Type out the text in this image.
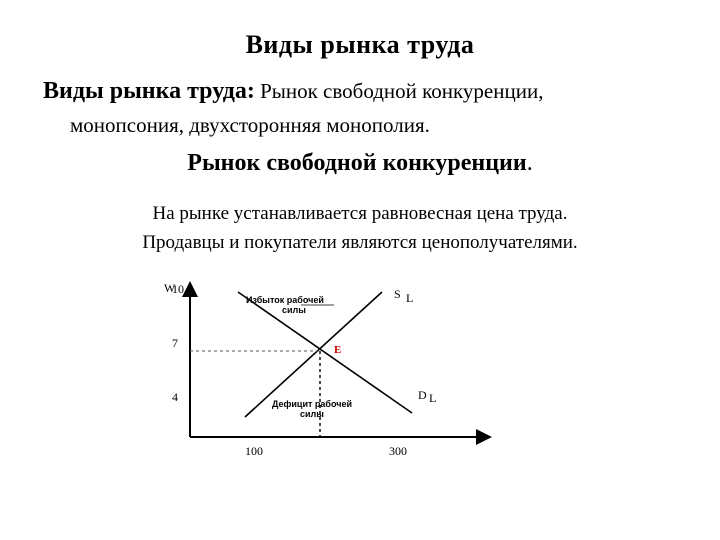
Виды рынка труда
Виды рынка труда: Рынок свободной конкуренции,
монопсония, двухсторонняя монополия.
Рынок свободной конкуренции.
На рынке устанавливается равновесная цена труда.
Продавцы и покупатели являются ценополучателями.
W
10
7
4
100	300
S L
D L
E
Избыток рабочей
силы
Дефицит рабочей
силы
